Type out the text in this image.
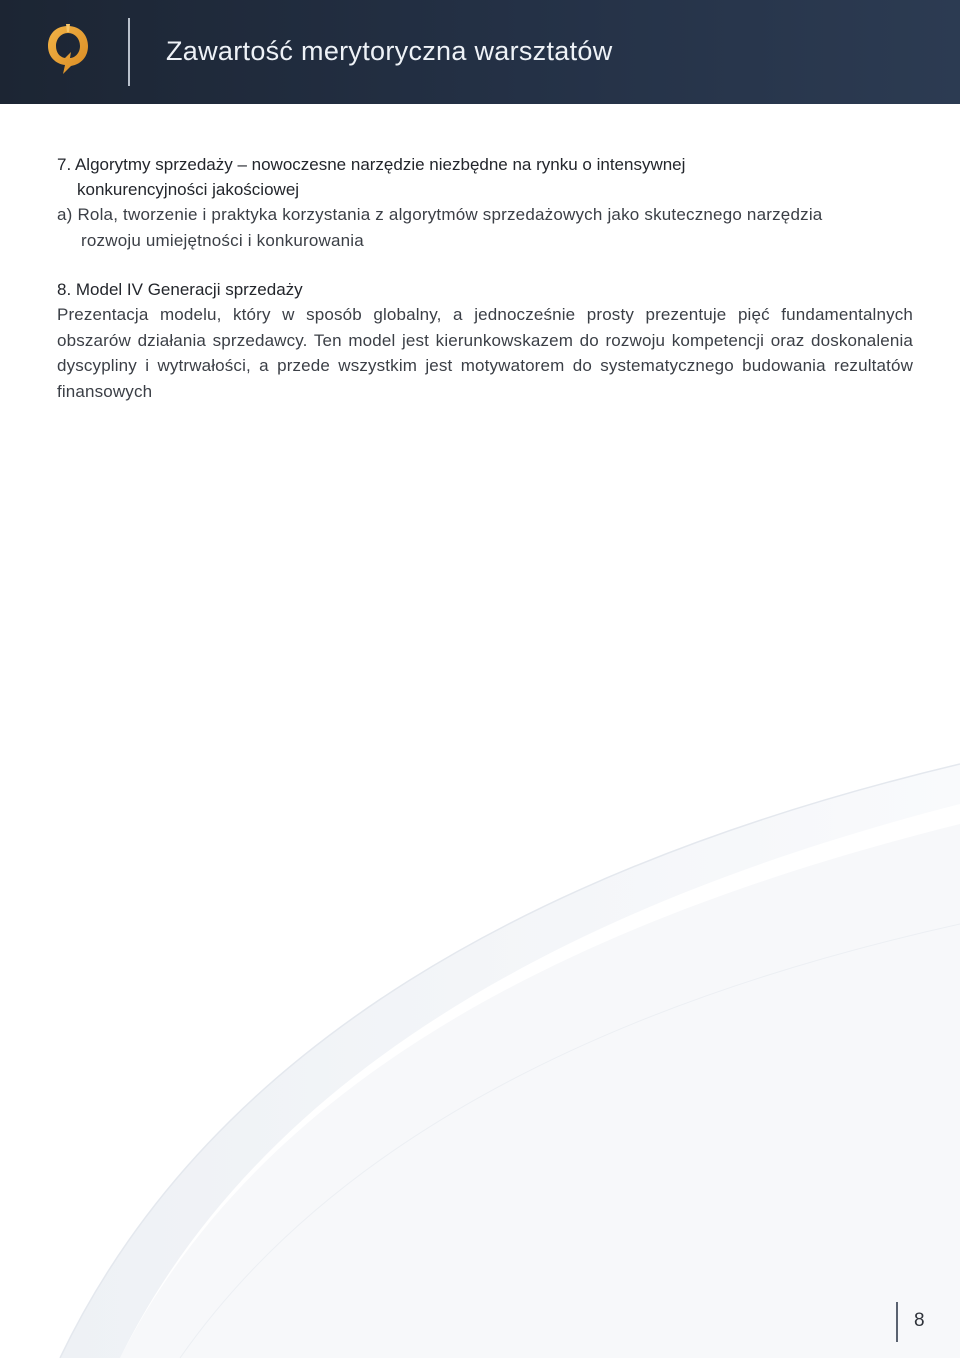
Zawartość merytoryczna warsztatów

7. Algorytmy sprzedaży – nowoczesne narzędzie niezbędne na rynku o intensywnej
konkurencyjności jakościowej

a) Rola, tworzenie i praktyka korzystania z algorytmów sprzedażowych jako skutecznego narzędzia
rozwoju umiejętności i konkurowania

8. Model IV Generacji sprzedaży

Prezentacja modelu, który w sposób globalny, a jednocześnie prosty prezentuje pięć fundamentalnych obszarów działania sprzedawcy. Ten model jest kierunkowskazem do rozwoju kompetencji oraz doskonalenia dyscypliny i wytrwałości, a przede wszystkim jest motywatorem do systematycznego budowania rezultatów finansowych

8
